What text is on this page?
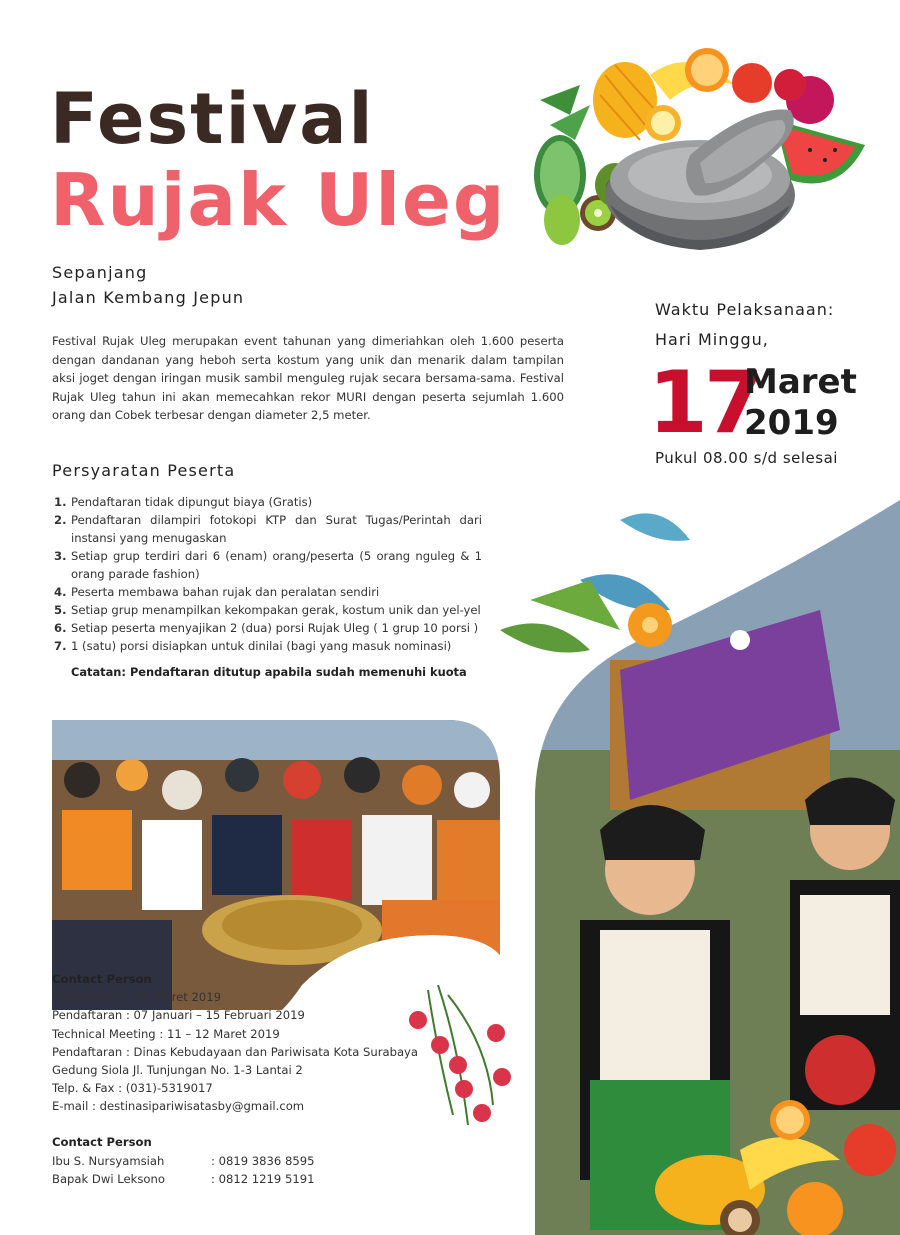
Festival
Rujak Uleg
Sepanjang
Jalan Kembang Jepun

Festival Rujak Uleg merupakan event tahunan yang dimeriahkan oleh 1.600 peserta dengan dandanan yang heboh serta kostum yang unik dan menarik dalam tampilan aksi joget dengan iringan musik sambil menguleg rujak secara bersama-sama. Festival Rujak Uleg tahun ini akan memecahkan rekor MURI dengan peserta sejumlah 1.600 orang dan Cobek terbesar dengan diameter 2,5 meter.

Waktu Pelaksanaan:
Hari Minggu,
17
Maret
2019
Pukul 08.00 s/d selesai
Persyaratan Peserta
1. Pendaftaran tidak dipungut biaya (Gratis)
2. Pendaftaran dilampiri fotokopi KTP dan Surat Tugas/Perintah dari instansi yang menugaskan
3. Setiap grup terdiri dari 6 (enam) orang/peserta (5 orang nguleg & 1 orang parade fashion)
4. Peserta membawa bahan rujak dan peralatan sendiri
5. Setiap grup menampilkan kekompakan gerak, kostum unik dan yel-yel
6. Setiap peserta menyajikan 2 (dua) porsi Rujak Uleg ( 1 grup 10 porsi )
7. 1 (satu) porsi disiapkan untuk dinilai (bagi yang masuk nominasi)
Catatan: Pendaftaran ditutup apabila sudah memenuhi kuota
Contact Person
Pelaksanaan : 17 Maret 2019
Pendaftaran : 07 Januari – 15 Februari 2019
Technical Meeting : 11 – 12 Maret 2019
Pendaftaran : Dinas Kebudayaan dan Pariwisata Kota Surabaya
Gedung Siola Jl. Tunjungan No. 1-3 Lantai 2
Telp. & Fax : (031)-5319017
E-mail : destinasipariwisatasby@gmail.com
Contact Person
Ibu S. Nursyamsiah	: 0819 3836 8595
Bapak Dwi Leksono	: 0812 1219 5191
